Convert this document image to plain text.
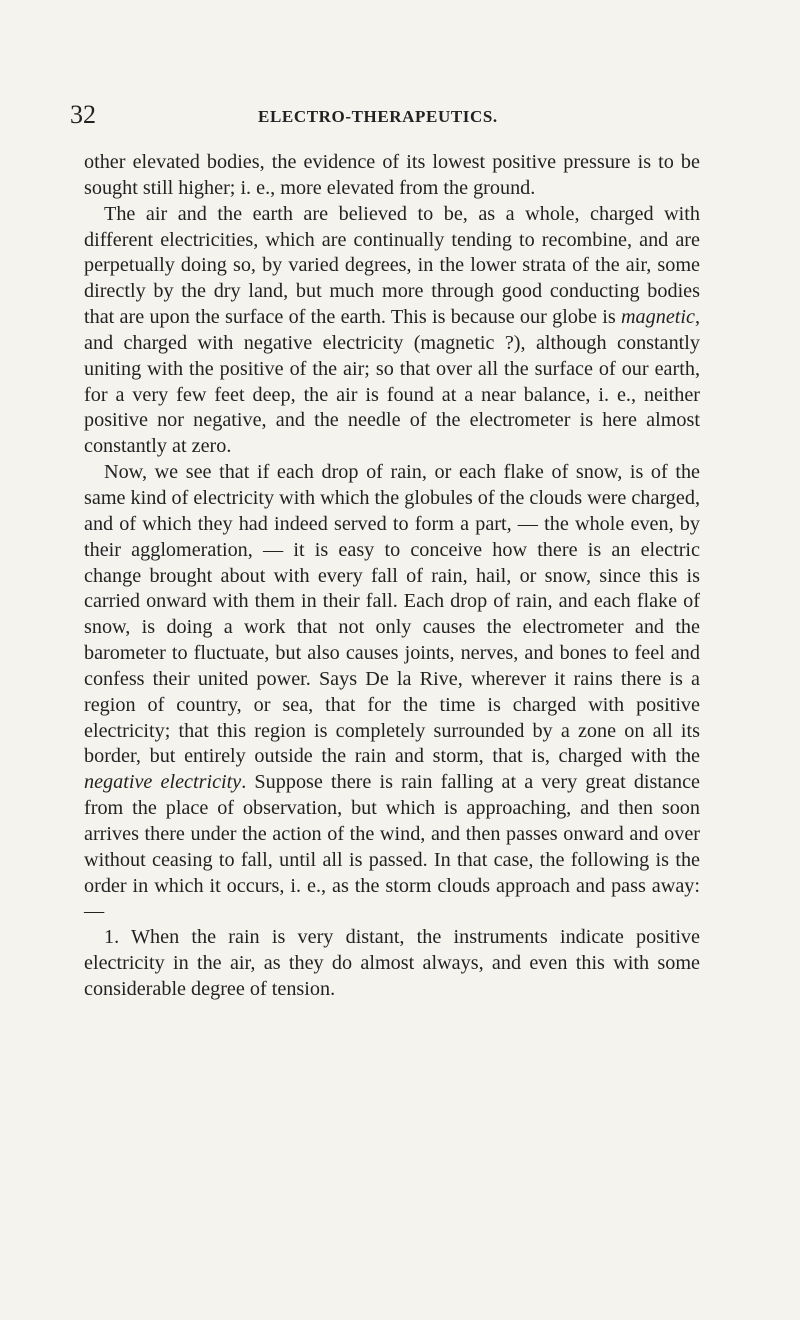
32	ELECTRO-THERAPEUTICS.

other elevated bodies, the evidence of its lowest positive pressure is to be sought still higher; i. e., more elevated from the ground.

The air and the earth are believed to be, as a whole, charged with different electricities, which are continually tending to recombine, and are perpetually doing so, by varied degrees, in the lower strata of the air, some directly by the dry land, but much more through good conducting bodies that are upon the surface of the earth. This is because our globe is magnetic, and charged with negative electricity (magnetic ?), although constantly uniting with the positive of the air; so that over all the surface of our earth, for a very few feet deep, the air is found at a near balance, i. e., neither positive nor negative, and the needle of the electrometer is here almost constantly at zero.

Now, we see that if each drop of rain, or each flake of snow, is of the same kind of electricity with which the globules of the clouds were charged, and of which they had indeed served to form a part, — the whole even, by their agglomeration, — it is easy to conceive how there is an electric change brought about with every fall of rain, hail, or snow, since this is carried onward with them in their fall. Each drop of rain, and each flake of snow, is doing a work that not only causes the electrometer and the barometer to fluctuate, but also causes joints, nerves, and bones to feel and confess their united power. Says De la Rive, wherever it rains there is a region of country, or sea, that for the time is charged with positive electricity; that this region is completely surrounded by a zone on all its border, but entirely outside the rain and storm, that is, charged with the negative electricity. Suppose there is rain falling at a very great distance from the place of observation, but which is approaching, and then soon arrives there under the action of the wind, and then passes onward and over without ceasing to fall, until all is passed. In that case, the following is the order in which it occurs, i. e., as the storm clouds approach and pass away: —

1. When the rain is very distant, the instruments indicate positive electricity in the air, as they do almost always, and even this with some considerable degree of tension.
